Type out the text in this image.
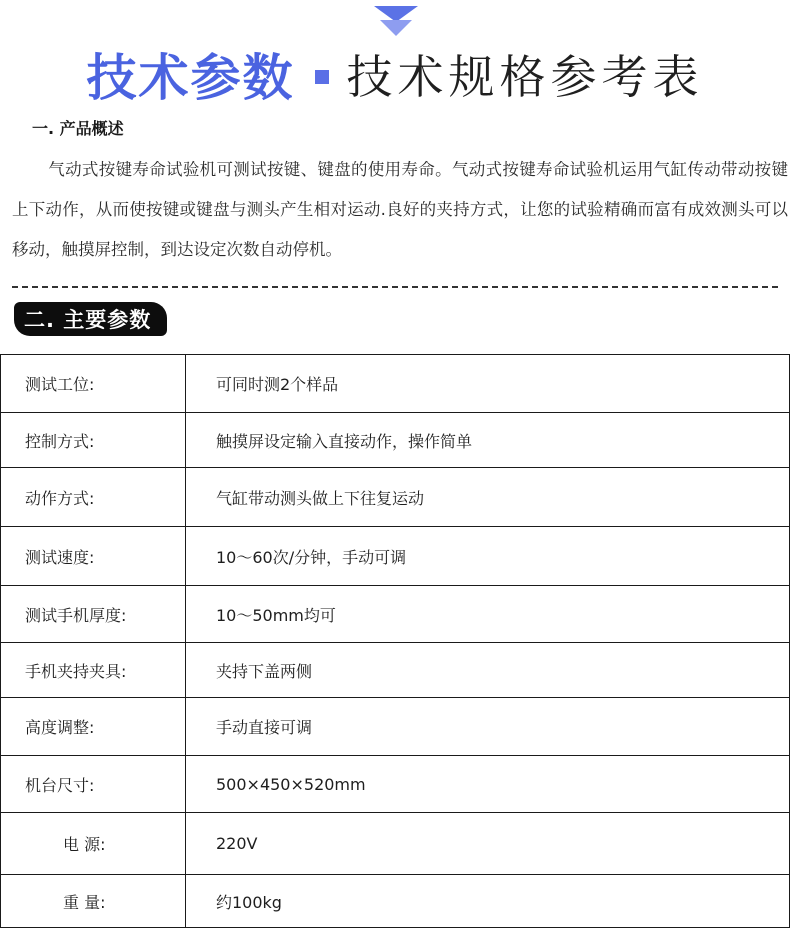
技术参数 技术规格参考表
一. 产品概述

气动式按键寿命试验机可测试按键、键盘的使用寿命。气动式按键寿命试验机运用气缸传动带动按键上下动作，从而使按键或键盘与测头产生相对运动.良好的夹持方式，让您的试验精确而富有成效测头可以移动，触摸屏控制，到达设定次数自动停机。

二. 主要参数
测试工位:	可同时测2个样品
控制方式:	触摸屏设定输入直接动作，操作简单
动作方式:	气缸带动测头做上下往复运动
测试速度:	10～60次/分钟，手动可调
测试手机厚度:	10～50mm均可
手机夹持夹具:	夹持下盖两侧
高度调整:	手动直接可调
机台尺寸:	500×450×520mm
电 源:	220V
重 量:	约100kg
